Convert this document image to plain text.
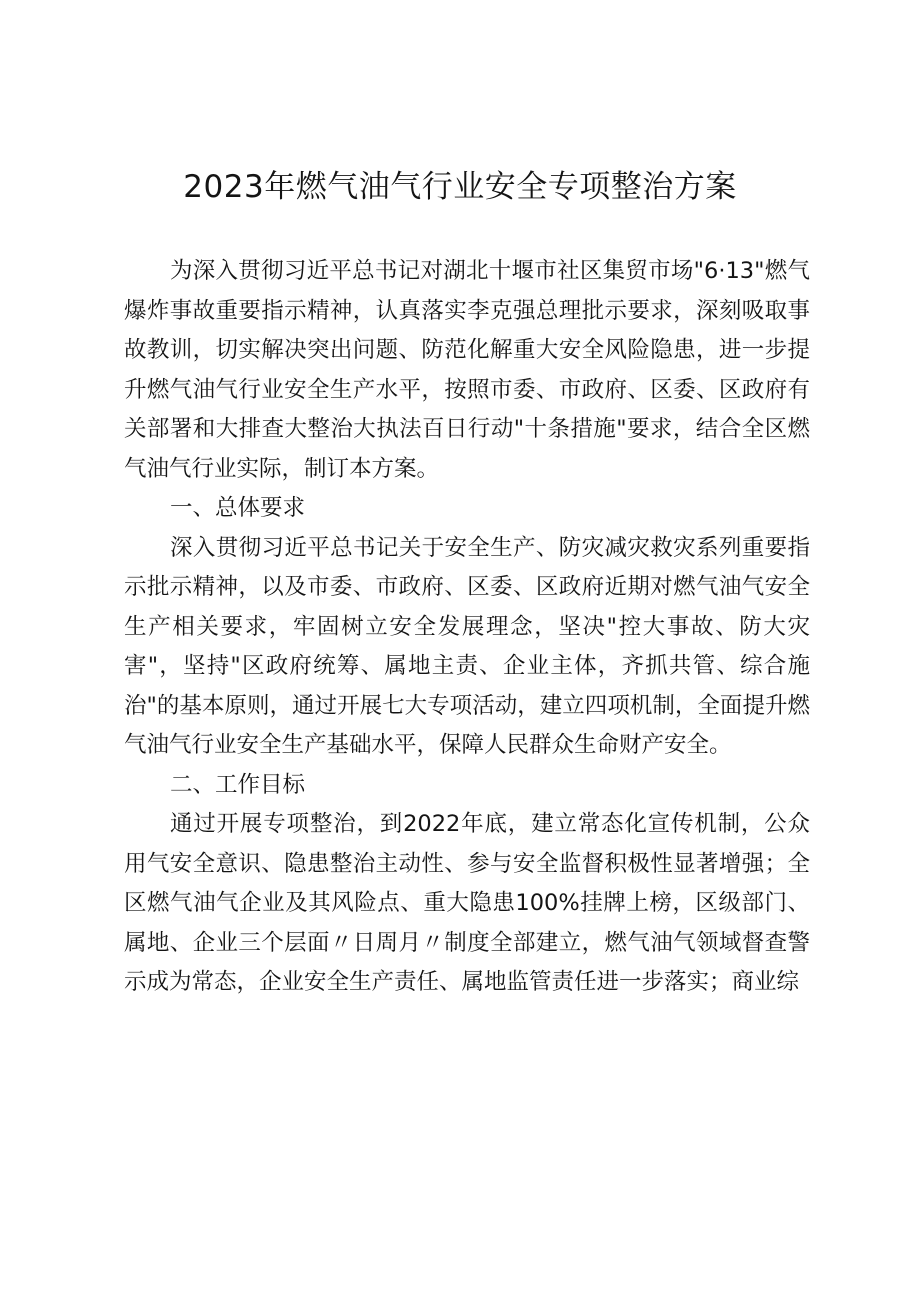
2023年燃气油气行业安全专项整治方案

为深入贯彻习近平总书记对湖北十堰市社区集贸市场"6·13"燃气爆炸事故重要指示精神，认真落实李克强总理批示要求，深刻吸取事故教训，切实解决突出问题、防范化解重大安全风险隐患，进一步提升燃气油气行业安全生产水平，按照市委、市政府、区委、区政府有关部署和大排查大整治大执法百日行动"十条措施"要求，结合全区燃气油气行业实际，制订本方案。

一、总体要求

深入贯彻习近平总书记关于安全生产、防灾减灾救灾系列重要指示批示精神，以及市委、市政府、区委、区政府近期对燃气油气安全生产相关要求，牢固树立安全发展理念，坚决"控大事故、防大灾害"，坚持"区政府统筹、属地主责、企业主体，齐抓共管、综合施治"的基本原则，通过开展七大专项活动，建立四项机制，全面提升燃气油气行业安全生产基础水平，保障人民群众生命财产安全。

二、工作目标

通过开展专项整治，到2022年底，建立常态化宣传机制，公众用气安全意识、隐患整治主动性、参与安全监督积极性显著增强；全区燃气油气企业及其风险点、重大隐患100%挂牌上榜，区级部门、属地、企业三个层面〃日周月〃制度全部建立，燃气油气领域督查警示成为常态，企业安全生产责任、属地监管责任进一步落实；商业综
